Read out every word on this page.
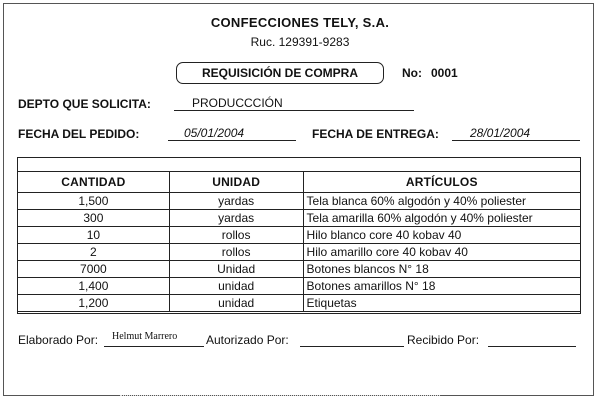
CONFECCIONES TELY, S.A.
Ruc. 129391-9283
REQUISICIÓN DE COMPRA	No: 0001
DEPTO QUE SOLICITA:	PRODUCCCIÓN
FECHA DEL PEDIDO:	05/01/2004	FECHA DE ENTREGA:	28/01/2004
CANTIDAD	UNIDAD	ARTÍCULOS
1,500	yardas	Tela blanca 60% algodón y 40% poliester
300	yardas	Tela amarilla 60% algodón y 40% poliester
10	rollos	Hilo blanco core 40 kobav 40
2	rollos	Hilo amarillo core 40 kobav 40
7000	Unidad	Botones blancos N° 18
1,400	unidad	Botones amarillos N° 18
1,200	unidad	Etiquetas
Elaborado Por: Helmut Marrero Autorizado Por:	Recibido Por:
